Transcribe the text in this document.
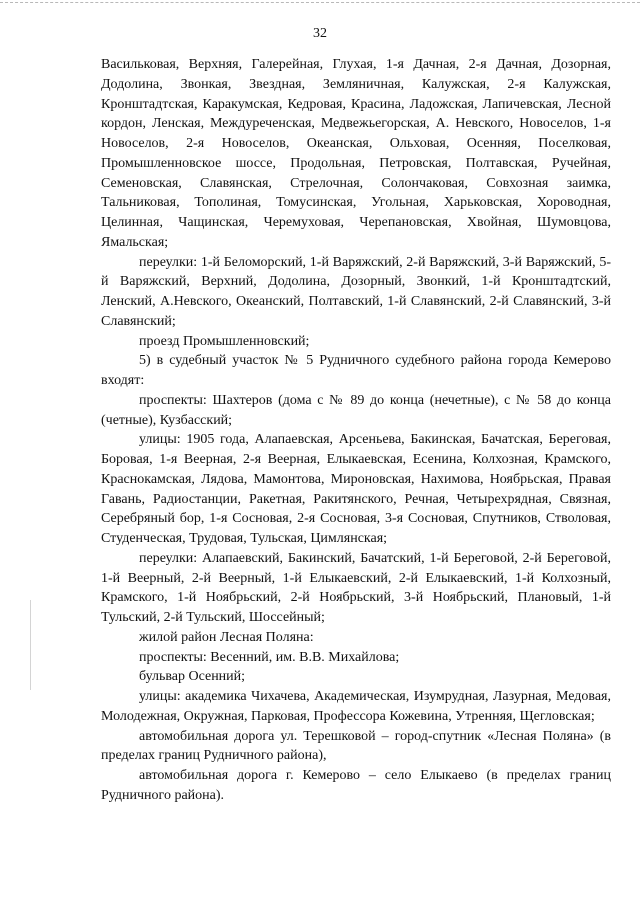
32

Васильковая, Верхняя, Галерейная, Глухая, 1-я Дачная, 2-я Дачная, Дозорная, Додолина, Звонкая, Звездная, Земляничная, Калужская, 2-я Калужская, Кронштадтская, Каракумская, Кедровая, Красина, Ладожская, Лапичевская, Лесной кордон, Ленская, Междуреченская, Медвежьегорская, А. Невского, Новоселов, 1-я Новоселов, 2-я Новоселов, Океанская, Ольховая, Осенняя, Поселковая, Промышленновское шоссе, Продольная, Петровская, Полтавская, Ручейная, Семеновская, Славянская, Стрелочная, Солончаковая, Совхозная заимка, Тальниковая, Тополиная, Томусинская, Угольная, Харьковская, Хороводная, Целинная, Чащинская, Черемуховая, Черепановская, Хвойная, Шумовцова, Ямальская;

переулки: 1-й Беломорский, 1-й Варяжский, 2-й Варяжский, 3-й Варяжский, 5-й Варяжский, Верхний, Додолина, Дозорный, Звонкий, 1-й Кронштадтский, Ленский, А.Невского, Океанский, Полтавский, 1-й Славянский, 2-й Славянский, 3-й Славянский;

проезд Промышленновский;

5) в судебный участок № 5 Рудничного судебного района города Кемерово входят:

проспекты: Шахтеров (дома с № 89 до конца (нечетные), с № 58 до конца (четные), Кузбасский;

улицы: 1905 года, Алапаевская, Арсеньева, Бакинская, Бачатская, Береговая, Боровая, 1-я Веерная, 2-я Веерная, Елыкаевская, Есенина, Колхозная, Крамского, Краснокамская, Лядова, Мамонтова, Мироновская, Нахимова, Ноябрьская, Правая Гавань, Радиостанции, Ракетная, Ракитянского, Речная, Четырехрядная, Связная, Серебряный бор, 1-я Сосновая, 2-я Сосновая, 3-я Сосновая, Спутников, Стволовая, Студенческая, Трудовая, Тульская, Цимлянская;

переулки: Алапаевский, Бакинский, Бачатский, 1-й Береговой, 2-й Береговой, 1-й Веерный, 2-й Веерный, 1-й Елыкаевский, 2-й Елыкаевский, 1-й Колхозный, Крамского, 1-й Ноябрьский, 2-й Ноябрьский, 3-й Ноябрьский, Плановый, 1-й Тульский, 2-й Тульский, Шоссейный;

жилой район Лесная Поляна:

проспекты: Весенний, им. В.В. Михайлова;

бульвар Осенний;

улицы: академика Чихачева, Академическая, Изумрудная, Лазурная, Медовая, Молодежная, Окружная, Парковая, Профессора Кожевина, Утренняя, Щегловская;

автомобильная дорога ул. Терешковой – город-спутник «Лесная Поляна» (в пределах границ Рудничного района),

автомобильная дорога г. Кемерово – село Елыкаево (в пределах границ Рудничного района).
